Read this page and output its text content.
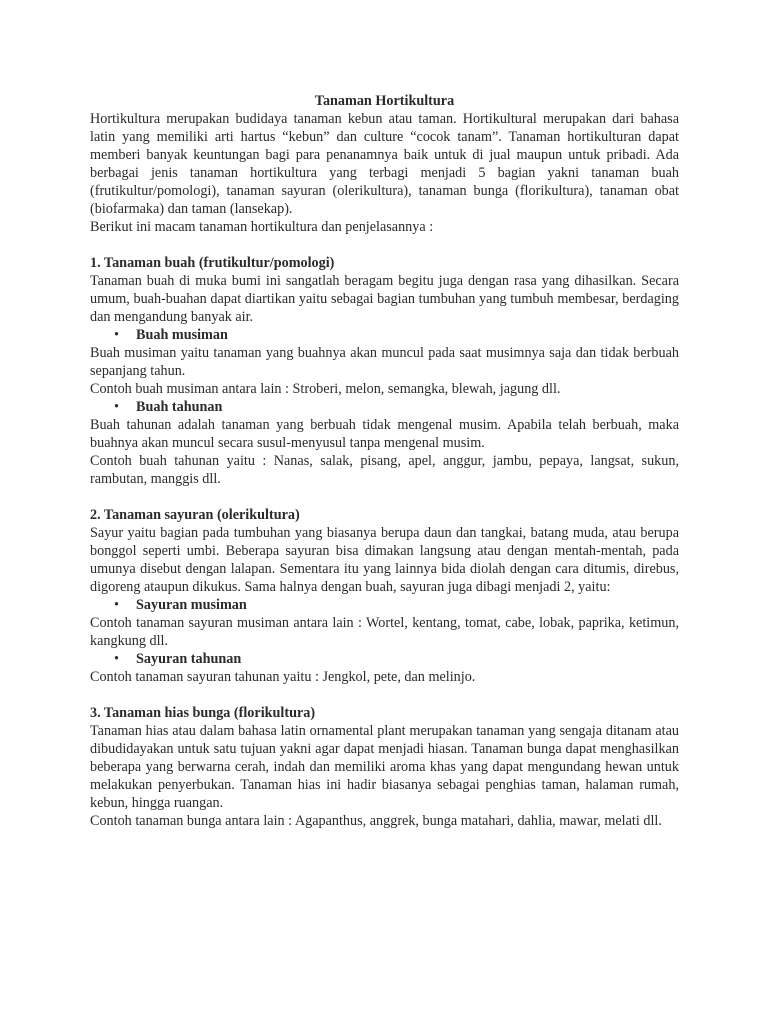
Tanaman Hortikultura

Hortikultura merupakan budidaya tanaman kebun atau taman. Hortikultural merupakan dari bahasa latin yang memiliki arti hartus “kebun” dan culture “cocok tanam”. Tanaman hortikulturan dapat memberi banyak keuntungan bagi para penanamnya baik untuk di jual maupun untuk pribadi. Ada berbagai jenis tanaman hortikultura yang terbagi menjadi 5 bagian yakni tanaman buah (frutikultur/pomologi), tanaman sayuran (olerikultura), tanaman bunga (florikultura), tanaman obat (biofarmaka) dan taman (lansekap).

Berikut ini macam tanaman hortikultura dan penjelasannya :

1. Tanaman buah (frutikultur/pomologi)

Tanaman buah di muka bumi ini sangatlah beragam begitu juga dengan rasa yang dihasilkan. Secara umum, buah-buahan dapat diartikan yaitu sebagai bagian tumbuhan yang tumbuh membesar, berdaging dan mengandung banyak air.

• Buah musiman

Buah musiman yaitu tanaman yang buahnya akan muncul pada saat musimnya saja dan tidak berbuah sepanjang tahun.

Contoh buah musiman antara lain : Stroberi, melon, semangka, blewah, jagung dll.

• Buah tahunan

Buah tahunan adalah tanaman yang berbuah tidak mengenal musim. Apabila telah berbuah, maka buahnya akan muncul secara susul-menyusul tanpa mengenal musim.

Contoh buah tahunan yaitu : Nanas, salak, pisang, apel, anggur, jambu, pepaya, langsat, sukun, rambutan, manggis dll.

2. Tanaman sayuran (olerikultura)

Sayur yaitu bagian pada tumbuhan yang biasanya berupa daun dan tangkai, batang muda, atau berupa bonggol seperti umbi. Beberapa sayuran bisa dimakan langsung atau dengan mentah-mentah, pada umunya disebut dengan lalapan. Sementara itu yang lainnya bida diolah dengan cara ditumis, direbus, digoreng ataupun dikukus. Sama halnya dengan buah, sayuran juga dibagi menjadi 2, yaitu:

• Sayuran musiman

Contoh tanaman sayuran musiman antara lain : Wortel, kentang, tomat, cabe, lobak, paprika, ketimun, kangkung dll.

• Sayuran tahunan

Contoh tanaman sayuran tahunan yaitu : Jengkol, pete, dan melinjo.

3. Tanaman hias bunga (florikultura)

Tanaman hias atau dalam bahasa latin ornamental plant merupakan tanaman yang sengaja ditanam atau dibudidayakan untuk satu tujuan yakni agar dapat menjadi hiasan. Tanaman bunga dapat menghasilkan beberapa yang berwarna cerah, indah dan memiliki aroma khas yang dapat mengundang hewan untuk melakukan penyerbukan. Tanaman hias ini hadir biasanya sebagai penghias taman, halaman rumah, kebun, hingga ruangan.

Contoh tanaman bunga antara lain : Agapanthus, anggrek, bunga matahari, dahlia, mawar, melati dll.
